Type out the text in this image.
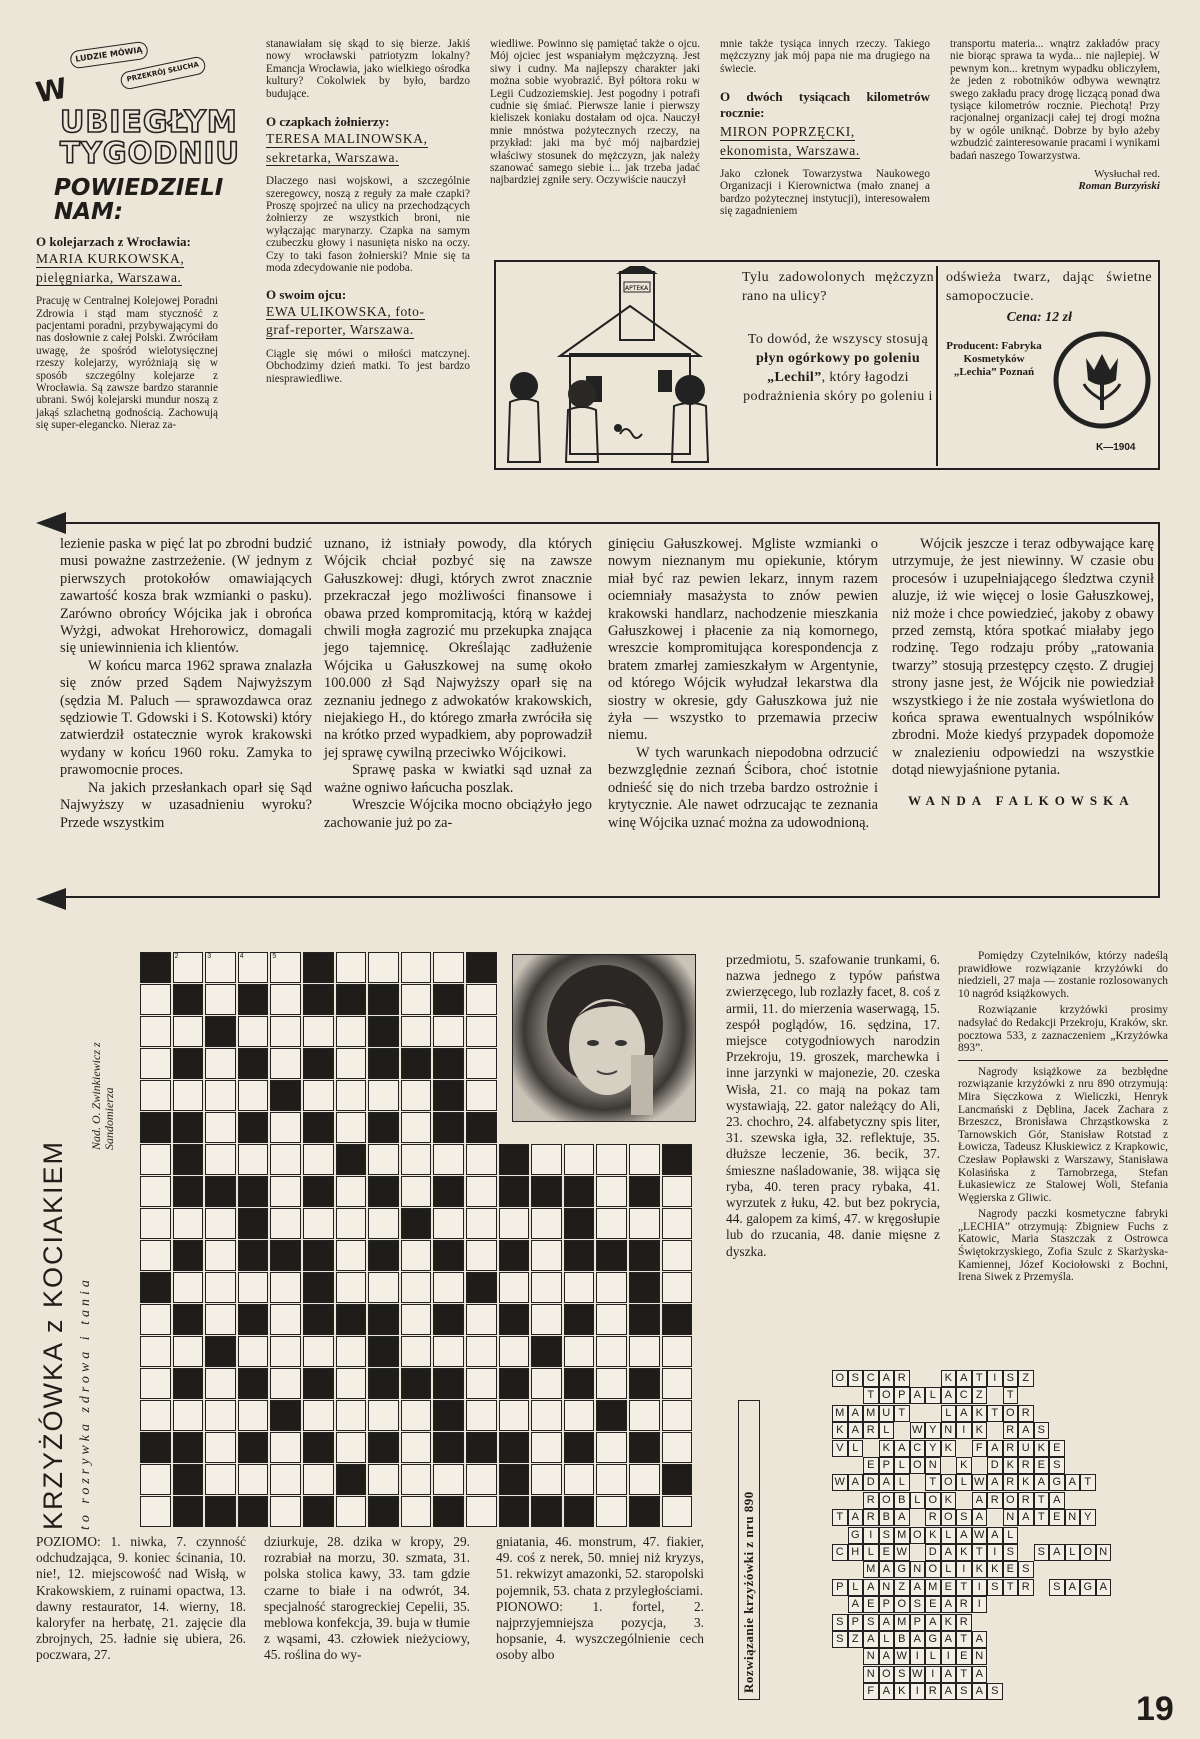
LUDZIE MÓWIĄ
PRZEKRÓJ SŁUCHA
W
UBIEGŁYM
TYGODNIU
POWIEDZIELI
NAM:
O kolejarzach z Wrocławia:
MARIA KURKOWSKA, pielęgniarka, Warszawa.

Pracuję w Centralnej Kolejowej Poradni Zdrowia i stąd mam styczność z pacjentami poradni, przybywającymi do nas dosłownie z całej Polski. Zwróciłam uwagę, że spośród wielotysięcznej rzeszy kolejarzy, wyróżniają się w sposób szczególny kolejarze z Wrocławia. Są zawsze bardzo starannie ubrani. Swój kolejarski mundur noszą z jakąś szlachetną godnością. Zachowują się super-elegancko. Nieraz za-

stanawiałam się skąd to się bierze. Jakiś nowy wrocławski patriotyzm lokalny? Emancja Wrocławia, jako wielkiego ośrodka kultury? Cokolwiek by było, bardzo budujące.

O czapkach żołnierzy:
TERESA MALINOWSKA, sekretarka, Warszawa.

Dlaczego nasi wojskowi, a szczególnie szeregowcy, noszą z reguły za małe czapki? Proszę spojrzeć na ulicy na przechodzących żołnierzy ze wszystkich broni, nie wyłączając marynarzy. Czapka na samym czubeczku głowy i nasunięta nisko na oczy. Czy to taki fason żołnierski? Mnie się ta moda zdecydowanie nie podoba.

O swoim ojcu:
EWA ULIKOWSKA, foto- graf-reporter, Warszawa.

Ciągle się mówi o miłości matczynej. Obchodzimy dzień matki. To jest bardzo niesprawiedliwe.

wiedliwe. Powinno się pamiętać także o ojcu. Mój ojciec jest wspaniałym mężczyzną. Jest siwy i cudny. Ma najlepszy charakter jaki można sobie wyobrazić. Był półtora roku w Legii Cudzoziemskiej. Jest pogodny i potrafi cudnie się śmiać. Pierwsze lanie i pierwszy kieliszek koniaku dostałam od ojca. Nauczył mnie mnóstwa pożytecznych rzeczy, na przykład: jaki ma być mój najbardziej właściwy stosunek do mężczyzn, jak należy szanować samego siebie i... jak trzeba jadać najbardziej zgniłe sery. Oczywiście nauczył

mnie także tysiąca innych rzeczy. Takiego mężczyzny jak mój papa nie ma drugiego na świecie.

O dwóch tysiącach kilometrów rocznie:
MIRON POPRZĘCKI, ekonomista, Warszawa.

Jako członek Towarzystwa Naukowego Organizacji i Kierownictwa (mało znanej a bardzo pożytecznej instytucji), interesowałem się zagadnieniem

transportu materia... wnątrz zakładów pracy nie biorąc sprawa ta wyda... nie najlepiej. W pewnym kon... kretnym wypadku obliczyłem, że jeden z robotników odbywa wewnątrz swego zakładu pracy drogę liczącą ponad dwa tysiące kilometrów rocznie. Piechotą! Przy racjonalnej organizacji całej tej drogi można by w ogóle uniknąć. Dobrze by było ażeby wzbudzić zainteresowanie pracami i wynikami badań naszego Towarzystwa.

Wysłuchał red.
Roman Burzyński
APTEKA
Tylu zadowolonych mężczyzn rano na ulicy?
To dowód, że wszyscy stosują płyn ogórkowy po goleniu „Lechil”, który łagodzi podrażnienia skóry po goleniu i
odświeża twarz, dając świetne samopoczucie.
Cena: 12 zł
Producent: Fabryka Kosmetyków „Lechia” Poznań
K—1904

lezienie paska w pięć lat po zbrodni budzić musi poważne zastrzeżenie. (W jednym z pierwszych protokołów omawiających zawartość kosza brak wzmianki o pasku). Zarówno obrońcy Wójcika jak i obrońca Wyżgi, adwokat Hrehorowicz, domagali się uniewinnienia ich klientów.

W końcu marca 1962 sprawa znalazła się znów przed Sądem Najwyższym (sędzia M. Paluch — sprawozdawca oraz sędziowie T. Gdowski i S. Kotowski) który zatwierdził ostatecznie wyrok krakowski wydany w końcu 1960 roku. Zamyka to prawomocnie proces.

Na jakich przesłankach oparł się Sąd Najwyższy w uzasadnieniu wyroku? Przede wszystkim

uznano, iż istniały powody, dla których Wójcik chciał pozbyć się na zawsze Gałuszkowej: długi, których zwrot znacznie przekraczał jego możliwości finansowe i obawa przed kompromitacją, którą w każdej chwili mogła zagrozić mu przekupka znająca jego tajemnicę. Określając zadłużenie Wójcika u Gałuszkowej na sumę około 100.000 zł Sąd Najwyższy oparł się na zeznaniu jednego z adwokatów krakowskich, niejakiego H., do którego zmarła zwróciła się na krótko przed wypadkiem, aby poprowadził jej sprawę cywilną przeciwko Wójcikowi.

Sprawę paska w kwiatki sąd uznał za ważne ogniwo łańcucha poszlak.

Wreszcie Wójcika mocno obciążyło jego zachowanie już po za-

ginięciu Gałuszkowej. Mgliste wzmianki o nowym nieznanym mu opiekunie, którym miał być raz pewien lekarz, innym razem ociemniały masażysta to znów pewien krakowski handlarz, nachodzenie mieszkania Gałuszkowej i płacenie za nią komornego, wreszcie kompromitująca korespondencja z bratem zmarłej zamieszkałym w Argentynie, od którego Wójcik wyłudzał lekarstwa dla siostry w okresie, gdy Gałuszkowa już nie żyła — wszystko to przemawia przeciw niemu.

W tych warunkach niepodobna odrzucić bezwzględnie zeznań Ścibora, choć istotnie odnieść się do nich trzeba bardzo ostrożnie i krytycznie. Ale nawet odrzucając te zeznania winę Wójcika uznać można za udowodnioną.

Wójcik jeszcze i teraz odbywające karę utrzymuje, że jest niewinny. W czasie obu procesów i uzupełniającego śledztwa czynił aluzje, iż wie więcej o losie Gałuszkowej, niż może i chce powiedzieć, jakoby z obawy przed zemstą, która spotkać miałaby jego rodzinę. Tego rodzaju próby „ratowania twarzy” stosują przestępcy często. Z drugiej strony jasne jest, że Wójcik nie powiedział wszystkiego i że nie została wyświetlona do końca sprawa ewentualnych wspólników zbrodni. Może kiedyś przypadek dopomoże w znalezieniu odpowiedzi na wszystkie dotąd niewyjaśnione pytania.

WANDA FALKOWSKA
KRZYŻÓWKA z KOCIAKIEM to rozrywka zdrowa i tania
Nad. O. Zwinkiewicz z Sandomierza
2	3	4	5

POZIOMO: 1. niwka, 7. czynność odchudzająca, 9. koniec ścinania, 10. nie!, 12. miejscowość nad Wisłą, w Krakowskiem, z ruinami opactwa, 13. dawny restaurator, 14. wierny, 18. kaloryfer na herbatę, 21. zajęcie dla zbrojnych, 25. ładnie się ubiera, 26. poczwara, 27.

dziurkuje, 28. dzika w kropy, 29. rozrabiał na morzu, 30. szmata, 31. polska stolica kawy, 33. tam gdzie czarne to białe i na odwrót, 34. specjalność starogreckiej Cepelii, 35. meblowa konfekcja, 39. buja w tłumie z wąsami, 43. człowiek nieżyciowy, 45. roślina do wy-

gniatania, 46. monstrum, 47. fiakier, 49. coś z nerek, 50. mniej niż kryzys, 51. rekwizyt amazonki, 52. staropolski pojemnik, 53. chata z przyległościami.

PIONOWO: 1. fortel, 2. najprzyjemniejsza pozycja, 3. hopsanie, 4. wyszczególnienie cech osoby albo

przedmiotu, 5. szafowanie trunkami, 6. nazwa jednego z typów państwa zwierzęcego, lub rozlazły facet, 8. coś z armii, 11. do mierzenia waserwagą, 15. zespół poglądów, 16. sędzina, 17. miejsce cotygodniowych narodzin Przekroju, 19. groszek, marchewka i inne jarzynki w majonezie, 20. czeska Wisła, 21. co mają na pokaz tam wystawiają, 22. gator należący do Ali, 23. chochro, 24. alfabetyczny spis liter, 31. szewska igła, 32. reflektuje, 35. dłuższe leczenie, 36. becik, 37. śmieszne naśladowanie, 38. wijąca się ryba, 40. teren pracy rybaka, 41. wyrzutek z łuku, 42. but bez pokrycia, 44. galopem za kimś, 47. w kręgosłupie lub do rzucania, 48. danie mięsne z dyszka.

Pomiędzy Czytelników, którzy nadeślą prawidłowe rozwiązanie krzyżówki do niedzieli, 27 maja — zostanie rozlosowanych 10 nagród książkowych.

Rozwiązanie krzyżówki prosimy nadsyłać do Redakcji Przekroju, Kraków, skr. pocztowa 533, z zaznaczeniem „Krzyżówka 893”.

Nagrody książkowe za bezbłędne rozwiązanie krzyżówki z nru 890 otrzymują: Mira Sięczkowa z Wieliczki, Henryk Lancmański z Dęblina, Jacek Zachara z Brzeszcz, Bronisława Chrząstkowska z Tarnowskich Gór, Stanisław Rotstad z Łowicza, Tadeusz Kłuskiewicz z Krapkowic, Czesław Popławski z Warszawy, Stanisława Kolasińska z Tarnobrzega, Stefan Łukasiewicz ze Stalowej Woli, Stefania Węgierska z Gliwic.

Nagrody paczki kosmetyczne fabryki „LECHIA” otrzymują: Zbigniew Fuchs z Katowic, Maria Staszczak z Ostrowca Świętokrzyskiego, Zofia Szulc z Skarżyska-Kamiennej, Józef Kociołowski z Bochni, Irena Siwek z Przemyśla.

Rozwiązanie krzyżówki z nru 890
O S C A R	K A T I S Z
T O P A L A C Z	T
M A M U T	L A K T O R
K A R L	W Y N I K	R A S
V L	K A C Y K	F A R U K E
E P L O N	K	D K R E S
W A D A L	T O L W A R K A G A T
R O B L O K	A R O R T A
T A R B A	R O S A	N A T E N Y
G I S M O K L A W A L
C H L E W	D A K T I S	S A L O N
M A G N O L I K K E S
P L A N Z A M E T I S T R	S A G A
A E P O S E A R I
S P S A M P A K R
S Z A L B A G A T A
N A W I L I E N
N O S W I A T A
F A K I R A S A S	19
